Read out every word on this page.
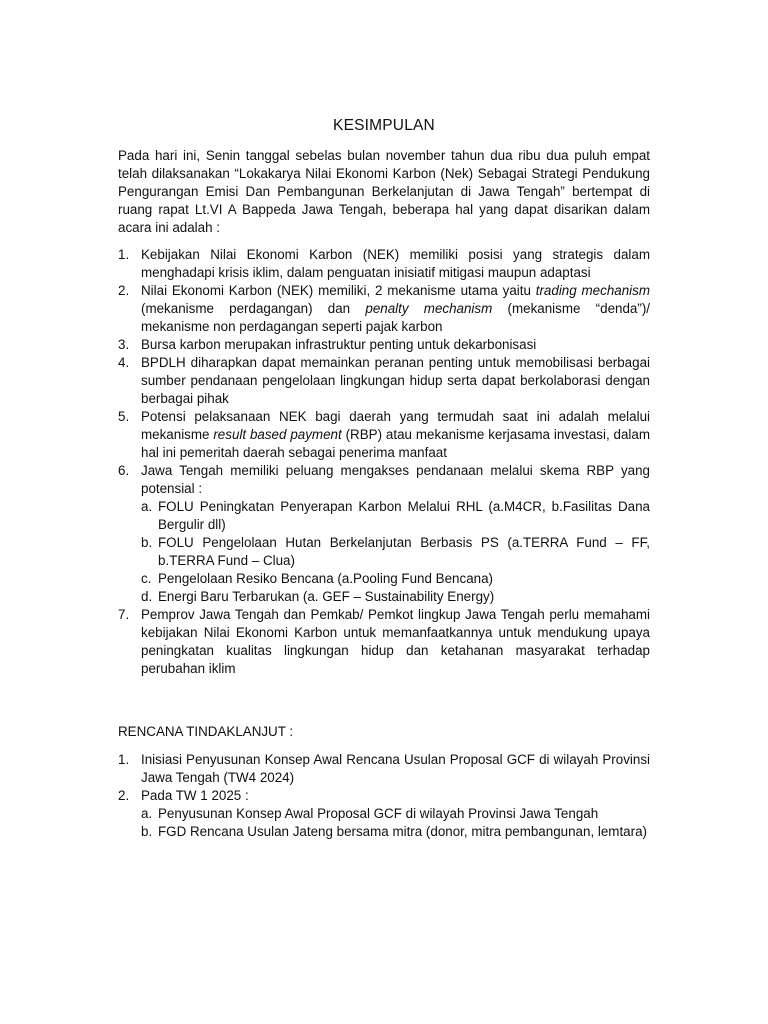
KESIMPULAN

Pada hari ini, Senin tanggal sebelas bulan november tahun dua ribu dua puluh empat telah dilaksanakan “Lokakarya Nilai Ekonomi Karbon (Nek) Sebagai Strategi Pendukung Pengurangan Emisi Dan Pembangunan Berkelanjutan di Jawa Tengah” bertempat di ruang rapat Lt.VI A Bappeda Jawa Tengah, beberapa hal yang dapat disarikan dalam acara ini adalah :

1. Kebijakan Nilai Ekonomi Karbon (NEK) memiliki posisi yang strategis dalam menghadapi krisis iklim, dalam penguatan inisiatif mitigasi maupun adaptasi
2. Nilai Ekonomi Karbon (NEK) memiliki, 2 mekanisme utama yaitu trading mechanism (mekanisme perdagangan) dan penalty mechanism (mekanisme “denda”)/ mekanisme non perdagangan seperti pajak karbon
3. Bursa karbon merupakan infrastruktur penting untuk dekarbonisasi
4. BPDLH diharapkan dapat memainkan peranan penting untuk memobilisasi berbagai sumber pendanaan pengelolaan lingkungan hidup serta dapat berkolaborasi dengan berbagai pihak
5. Potensi pelaksanaan NEK bagi daerah yang termudah saat ini adalah melalui mekanisme result based payment (RBP) atau mekanisme kerjasama investasi, dalam hal ini pemeritah daerah sebagai penerima manfaat
6. Jawa Tengah memiliki peluang mengakses pendanaan melalui skema RBP yang potensial :
a. FOLU Peningkatan Penyerapan Karbon Melalui RHL (a.M4CR, b.Fasilitas Dana Bergulir dll)
b. FOLU Pengelolaan Hutan Berkelanjutan Berbasis PS (a.TERRA Fund – FF, b.TERRA Fund – Clua)
c. Pengelolaan Resiko Bencana (a.Pooling Fund Bencana)
d. Energi Baru Terbarukan (a. GEF – Sustainability Energy)
7. Pemprov Jawa Tengah dan Pemkab/ Pemkot lingkup Jawa Tengah perlu memahami kebijakan Nilai Ekonomi Karbon untuk memanfaatkannya untuk mendukung upaya peningkatan kualitas lingkungan hidup dan ketahanan masyarakat terhadap perubahan iklim

RENCANA TINDAKLANJUT :

1. Inisiasi Penyusunan Konsep Awal Rencana Usulan Proposal GCF di wilayah Provinsi Jawa Tengah (TW4 2024)
2. Pada TW 1 2025 :
a. Penyusunan Konsep Awal Proposal GCF di wilayah Provinsi Jawa Tengah
b. FGD Rencana Usulan Jateng bersama mitra (donor, mitra pembangunan, lemtara)
